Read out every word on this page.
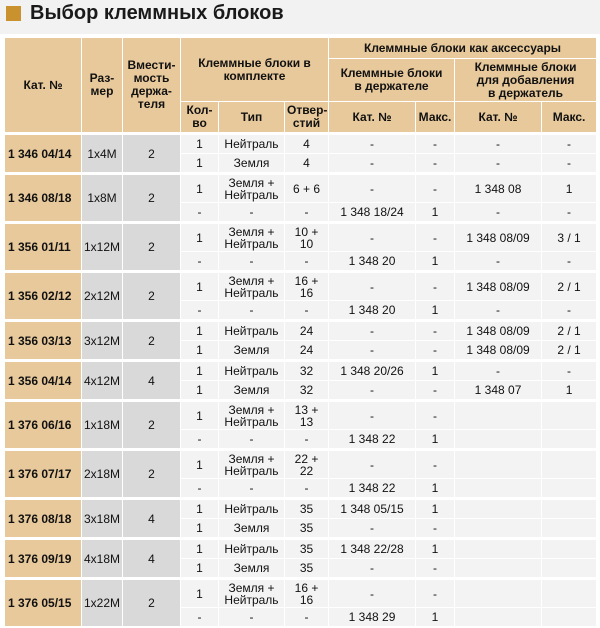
Выбор клеммных блоков
Кат. №	Раз-
мер	Вмести-
мость
держа-
теля	Клеммные блоки в
комплекте			Клеммные блоки как аксессуары			
						Клеммные блоки
в держателе		Клеммные блоки
для добавления
в держатель	
			Кол-
во	Тип	Отвер-
стий	Кат. №	Макс.	Кат. №	Макс.
1 346 04/14	1x4M	2	1	Нейтраль	4	-	-	-	-
			1	Земля	4	-	-	-	-
1 346 08/18	1x8M	2	1	Земля +
Нейтраль	6 + 6	-	-	1 348 08	1
			-	-	-	1 348 18/24	1	-	-
1 356 01/11	1x12M	2	1	Земля +
Нейтраль	10 + 10	-	-	1 348 08/09	3 / 1
			-	-	-	1 348 20	1	-	-
1 356 02/12	2x12M	2	1	Земля +
Нейтраль	16 + 16	-	-	1 348 08/09	2 / 1
			-	-	-	1 348 20	1	-	-
1 356 03/13	3x12M	2	1	Нейтраль	24	-	-	1 348 08/09	2 / 1
			1	Земля	24	-	-	1 348 08/09	2 / 1
1 356 04/14	4x12M	4	1	Нейтраль	32	1 348 20/26	1	-	-
			1	Земля	32	-	-	1 348 07	1
1 376 06/16	1x18M	2	1	Земля +
Нейтраль	13 + 13	-	-		
			-	-	-	1 348 22	1		
1 376 07/17	2x18M	2	1	Земля +
Нейтраль	22 + 22	-	-		
			-	-	-	1 348 22	1		
1 376 08/18	3x18M	4	1	Нейтраль	35	1 348 05/15	1		
			1	Земля	35	-	-		
1 376 09/19	4x18M	4	1	Нейтраль	35	1 348 22/28	1		
			1	Земля	35	-	-		
1 376 05/15	1x22M	2	1	Земля +
Нейтраль	16 + 16	-	-		
			-	-	-	1 348 29	1		
